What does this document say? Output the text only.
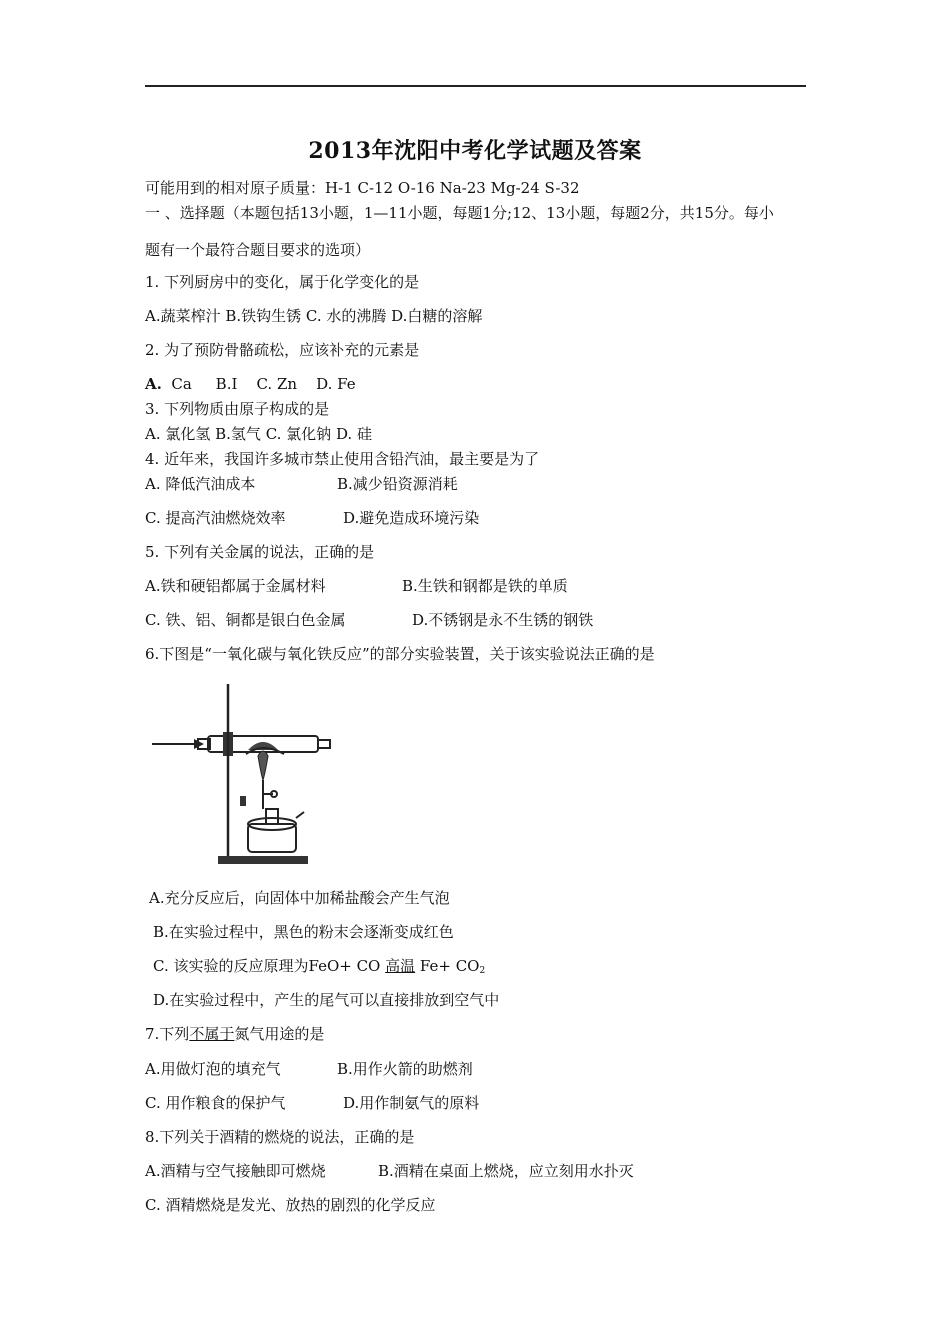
2013年沈阳中考化学试题及答案
可能用到的相对原子质量：H-1 C-12 O-16 Na-23 Mg-24 S-32
一 、选择题（本题包括13小题，1—11小题，每题1分;12、13小题，每题2分，共15分。每小
题有一个最符合题目要求的选项）
1. 下列厨房中的变化，属于化学变化的是
A.蔬菜榨汁 B.铁钩生锈 C. 水的沸腾 D.白糖的溶解
2. 为了预防骨骼疏松，应该补充的元素是
A.  Ca     B.I    C. Zn    D. Fe
3. 下列物质由原子构成的是
A. 氯化氢 B.氢气 C. 氯化钠 D. 硅
4. 近年来，我国许多城市禁止使用含铅汽油，最主要是为了
A. 降低汽油成本	B.减少铅资源消耗
C. 提高汽油燃烧效率	D.避免造成环境污染
5. 下列有关金属的说法，正确的是
A.铁和硬铝都属于金属材料	B.生铁和钢都是铁的单质
C. 铁、铝、铜都是银白色金属	D.不锈钢是永不生锈的钢铁
6.下图是“一氧化碳与氧化铁反应”的部分实验装置，关于该实验说法正确的是
A.充分反应后，向固体中加稀盐酸会产生气泡
B.在实验过程中，黑色的粉末会逐渐变成红色
C. 该实验的反应原理为FeO+ CO 高温 $Fe+ CO_2$
D.在实验过程中，产生的尾气可以直接排放到空气中
7.下列不属于氮气用途的是
A.用做灯泡的填充气	B.用作火箭的助燃剂
C. 用作粮食的保护气	D.用作制氨气的原料
8.下列关于酒精的燃烧的说法，正确的是
A.酒精与空气接触即可燃烧	B.酒精在桌面上燃烧，应立刻用水扑灭
C. 酒精燃烧是发光、放热的剧烈的化学反应
